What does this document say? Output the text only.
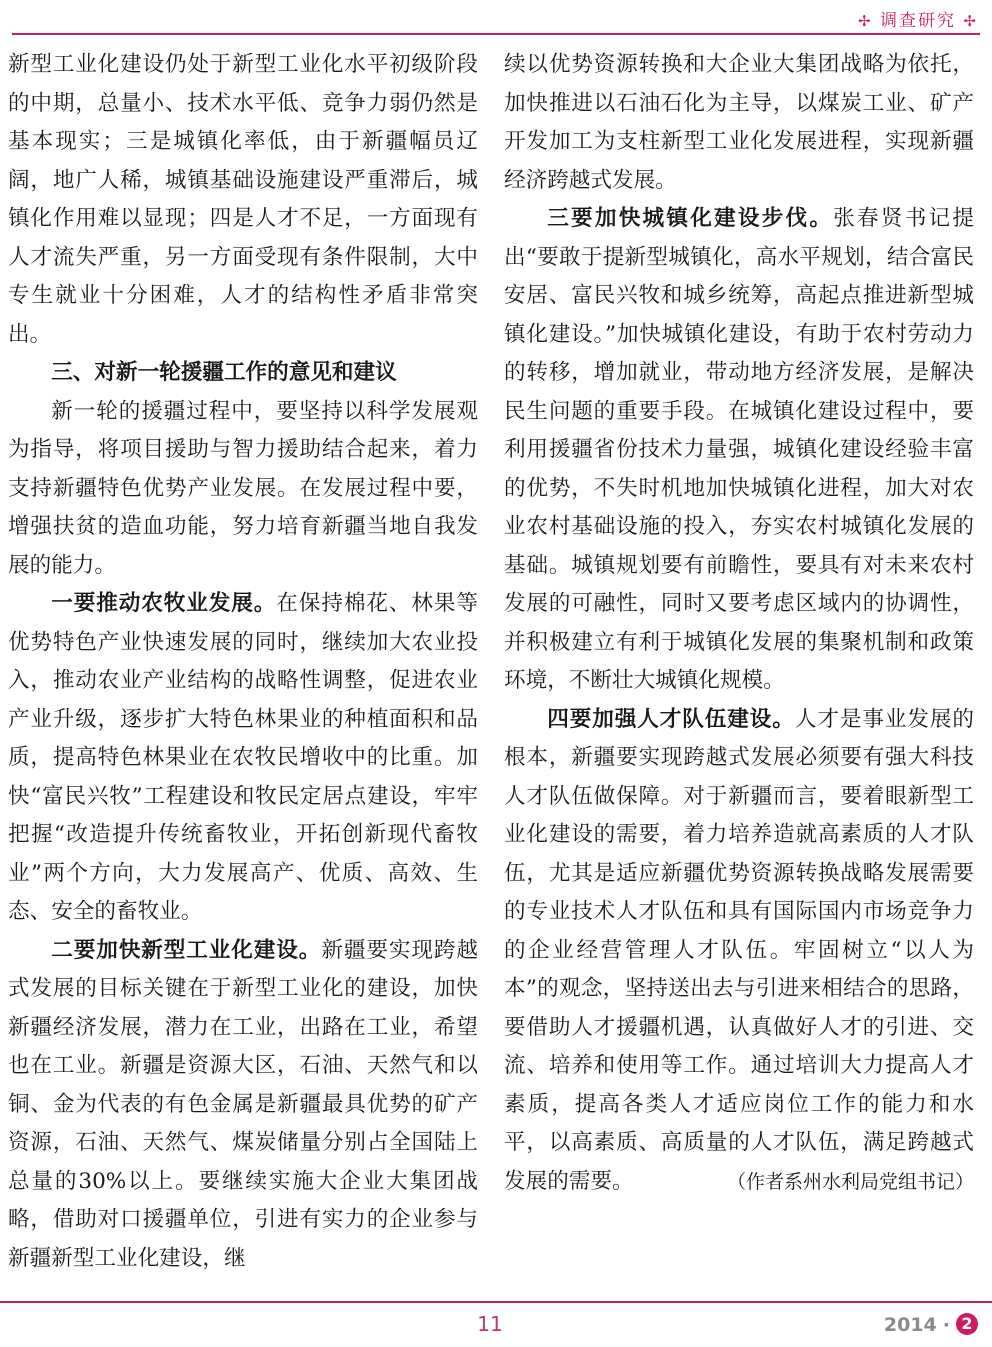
✢ 调查研究 ✢

新型工业化建设仍处于新型工业化水平初级阶段的中期，总量小、技术水平低、竞争力弱仍然是基本现实；三是城镇化率低，由于新疆幅员辽阔，地广人稀，城镇基础设施建设严重滞后，城镇化作用难以显现；四是人才不足，一方面现有人才流失严重，另一方面受现有条件限制，大中专生就业十分困难，人才的结构性矛盾非常突出。

三、对新一轮援疆工作的意见和建议

新一轮的援疆过程中，要坚持以科学发展观为指导，将项目援助与智力援助结合起来，着力支持新疆特色优势产业发展。在发展过程中要，增强扶贫的造血功能，努力培育新疆当地自我发展的能力。

一要推动农牧业发展。在保持棉花、林果等优势特色产业快速发展的同时，继续加大农业投入，推动农业产业结构的战略性调整，促进农业产业升级，逐步扩大特色林果业的种植面积和品质，提高特色林果业在农牧民增收中的比重。加快“富民兴牧”工程建设和牧民定居点建设，牢牢把握“改造提升传统畜牧业，开拓创新现代畜牧业”两个方向，大力发展高产、优质、高效、生态、安全的畜牧业。

二要加快新型工业化建设。新疆要实现跨越式发展的目标关键在于新型工业化的建设，加快新疆经济发展，潜力在工业，出路在工业，希望也在工业。新疆是资源大区，石油、天然气和以铜、金为代表的有色金属是新疆最具优势的矿产资源，石油、天然气、煤炭储量分别占全国陆上总量的30%以上。要继续实施大企业大集团战略，借助对口援疆单位，引进有实力的企业参与新疆新型工业化建设，继

续以优势资源转换和大企业大集团战略为依托，加快推进以石油石化为主导，以煤炭工业、矿产开发加工为支柱新型工业化发展进程，实现新疆经济跨越式发展。

三要加快城镇化建设步伐。张春贤书记提出“要敢于提新型城镇化，高水平规划，结合富民安居、富民兴牧和城乡统筹，高起点推进新型城镇化建设。”加快城镇化建设，有助于农村劳动力的转移，增加就业，带动地方经济发展，是解决民生问题的重要手段。在城镇化建设过程中，要利用援疆省份技术力量强，城镇化建设经验丰富的优势，不失时机地加快城镇化进程，加大对农业农村基础设施的投入，夯实农村城镇化发展的基础。城镇规划要有前瞻性，要具有对未来农村发展的可融性，同时又要考虑区域内的协调性，并积极建立有利于城镇化发展的集聚机制和政策环境，不断壮大城镇化规模。

四要加强人才队伍建设。人才是事业发展的根本，新疆要实现跨越式发展必须要有强大科技人才队伍做保障。对于新疆而言，要着眼新型工业化建设的需要，着力培养造就高素质的人才队伍，尤其是适应新疆优势资源转换战略发展需要的专业技术人才队伍和具有国际国内市场竞争力的企业经营管理人才队伍。牢固树立“以人为本”的观念，坚持送出去与引进来相结合的思路，要借助人才援疆机遇，认真做好人才的引进、交流、培养和使用等工作。通过培训大力提高人才素质，提高各类人才适应岗位工作的能力和水平，以高素质、高质量的人才队伍，满足跨越式发展的需要。	（作者系州水利局党组书记）

11	2014 · 2
